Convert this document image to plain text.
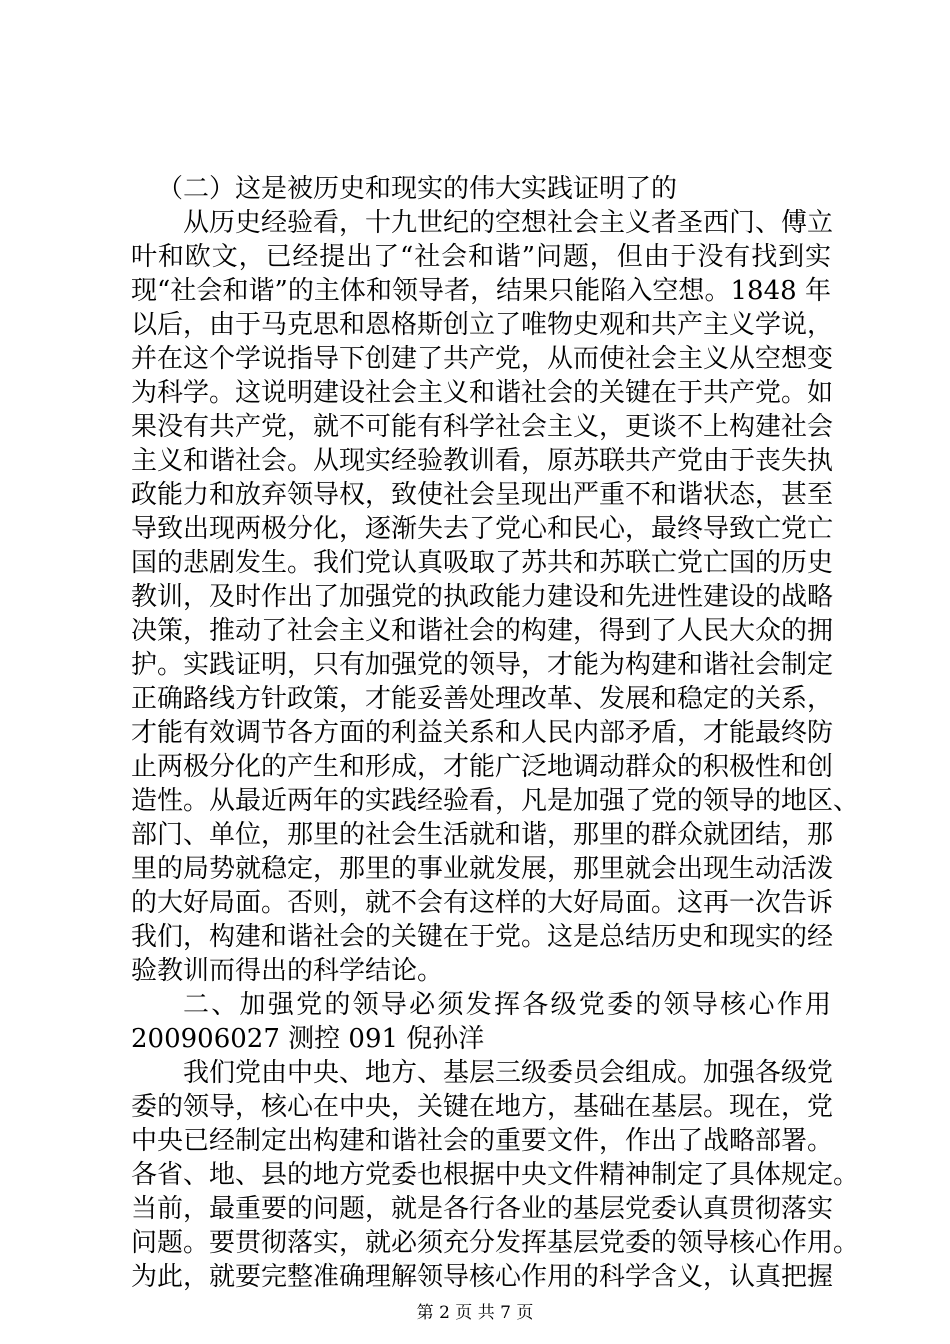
（二）这是被历史和现实的伟大实践证明了的
从历史经验看，十九世纪的空想社会主义者圣西门、傅立
叶和欧文，已经提出了“社会和谐”问题，但由于没有找到实
现“社会和谐”的主体和领导者，结果只能陷入空想。1848 年
以后，由于马克思和恩格斯创立了唯物史观和共产主义学说，
并在这个学说指导下创建了共产党，从而使社会主义从空想变
为科学。这说明建设社会主义和谐社会的关键在于共产党。如
果没有共产党，就不可能有科学社会主义，更谈不上构建社会
主义和谐社会。从现实经验教训看，原苏联共产党由于丧失执
政能力和放弃领导权，致使社会呈现出严重不和谐状态，甚至
导致出现两极分化，逐渐失去了党心和民心，最终导致亡党亡
国的悲剧发生。我们党认真吸取了苏共和苏联亡党亡国的历史
教训，及时作出了加强党的执政能力建设和先进性建设的战略
决策，推动了社会主义和谐社会的构建，得到了人民大众的拥
护。实践证明，只有加强党的领导，才能为构建和谐社会制定
正确路线方针政策，才能妥善处理改革、发展和稳定的关系，
才能有效调节各方面的利益关系和人民内部矛盾，才能最终防
止两极分化的产生和形成，才能广泛地调动群众的积极性和创
造性。从最近两年的实践经验看，凡是加强了党的领导的地区、
部门、单位，那里的社会生活就和谐，那里的群众就团结，那
里的局势就稳定，那里的事业就发展，那里就会出现生动活泼
的大好局面。否则，就不会有这样的大好局面。这再一次告诉
我们，构建和谐社会的关键在于党。这是总结历史和现实的经
验教训而得出的科学结论。
二、加强党的领导必须发挥各级党委的领导核心作用
200906027 测控 091 倪孙洋
我们党由中央、地方、基层三级委员会组成。加强各级党
委的领导，核心在中央，关键在地方，基础在基层。现在，党
中央已经制定出构建和谐社会的重要文件，作出了战略部署。
各省、地、县的地方党委也根据中央文件精神制定了具体规定。
当前，最重要的问题，就是各行各业的基层党委认真贯彻落实
问题。要贯彻落实，就必须充分发挥基层党委的领导核心作用。
为此，就要完整准确理解领导核心作用的科学含义，认真把握
第 2 页 共 7 页
